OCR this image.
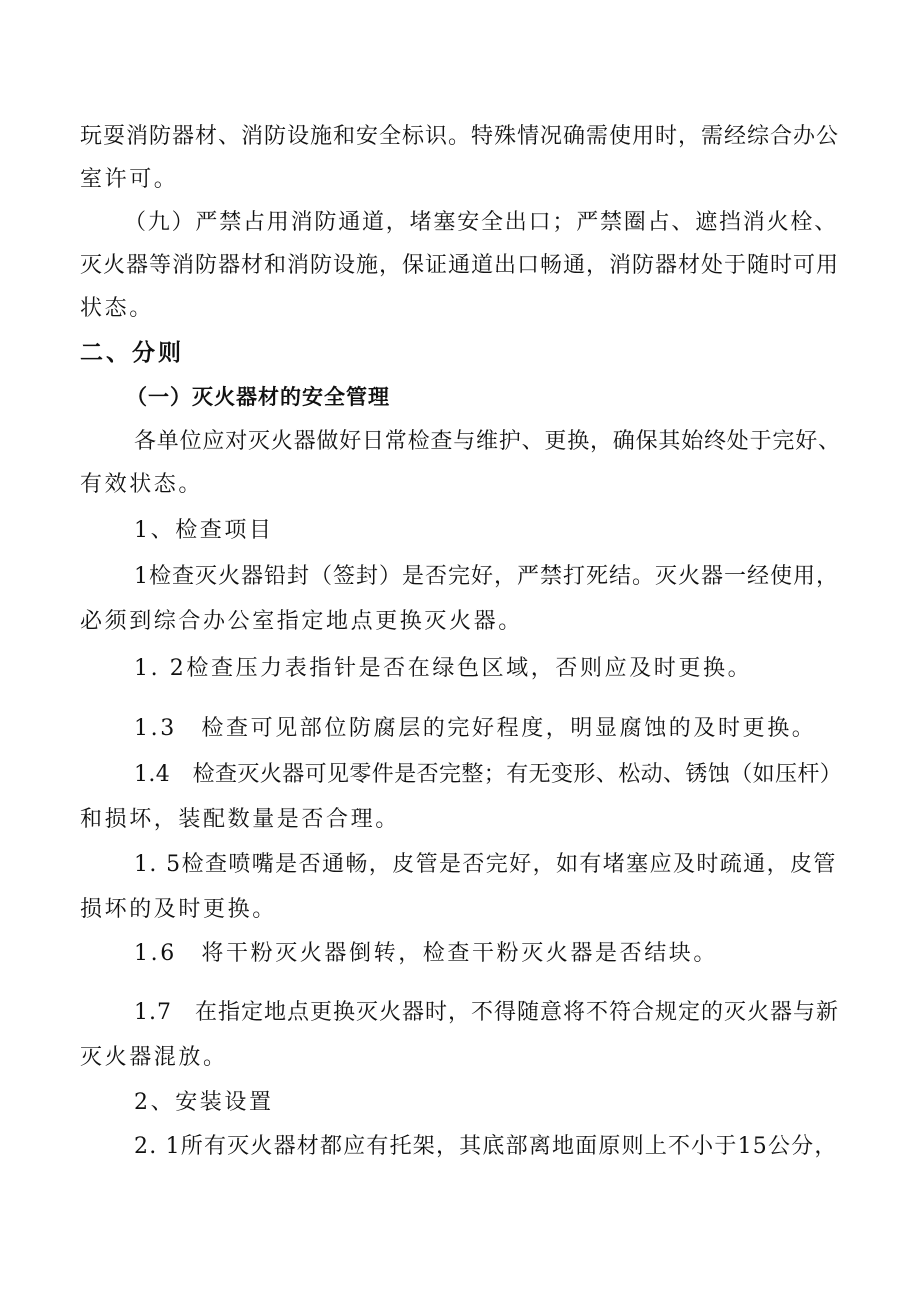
玩耍消防器材、消防设施和安全标识。特殊情况确需使用时，需经综合办公
室许可。
（九）严禁占用消防通道，堵塞安全出口；严禁圈占、遮挡消火栓、
灭火器等消防器材和消防设施，保证通道出口畅通，消防器材处于随时可用
状态。
二、分则
（一）灭火器材的安全管理
各单位应对灭火器做好日常检查与维护、更换，确保其始终处于完好、
有效状态。
1、检查项目
1检查灭火器铅封（签封）是否完好，严禁打死结。灭火器一经使用，
必须到综合办公室指定地点更换灭火器。
1. 2检查压力表指针是否在绿色区域，否则应及时更换。
1.3　检查可见部位防腐层的完好程度，明显腐蚀的及时更换。
1.4　检查灭火器可见零件是否完整；有无变形、松动、锈蚀（如压杆）
和损坏，装配数量是否合理。
1. 5检查喷嘴是否通畅，皮管是否完好，如有堵塞应及时疏通，皮管
损坏的及时更换。
1.6　将干粉灭火器倒转，检查干粉灭火器是否结块。
1.7　在指定地点更换灭火器时，不得随意将不符合规定的灭火器与新
灭火器混放。
2、安装设置
2. 1所有灭火器材都应有托架，其底部离地面原则上不小于15公分，
